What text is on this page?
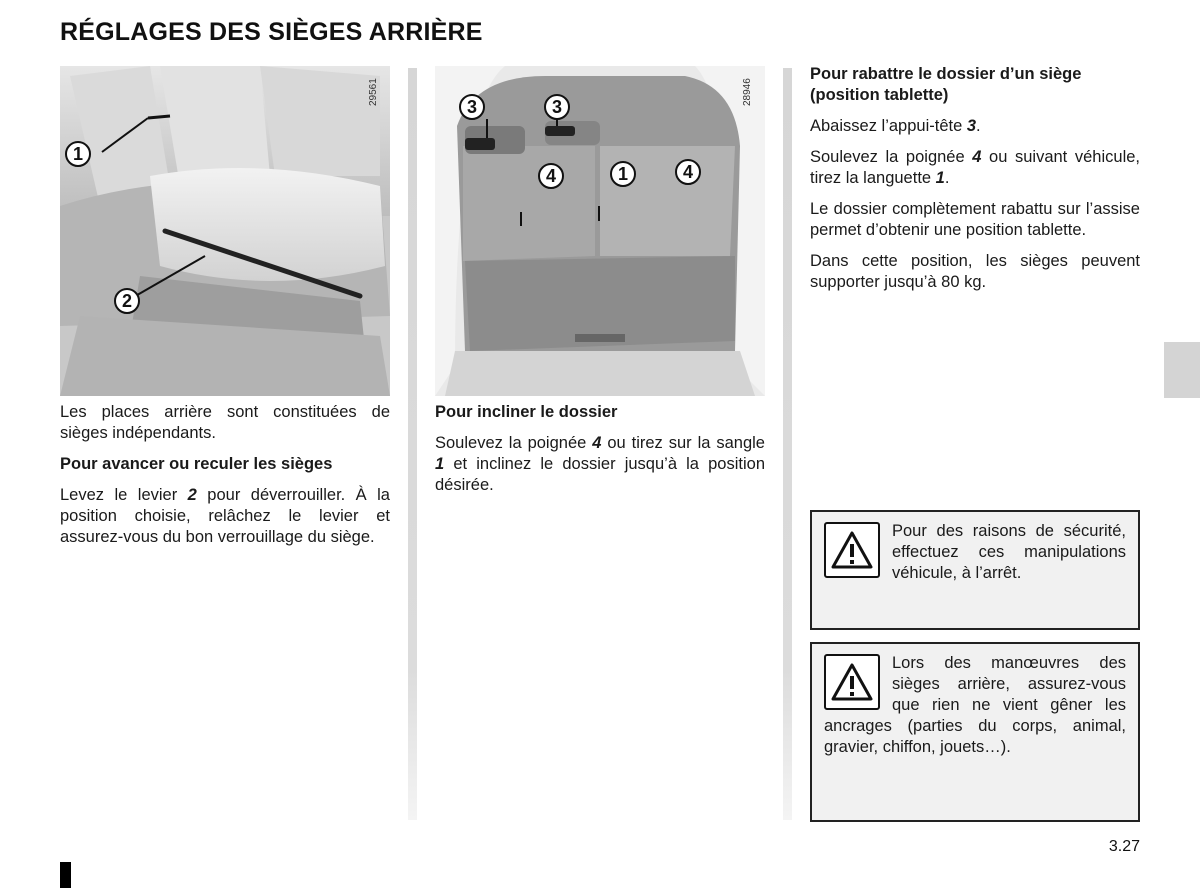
RÉGLAGES DES SIÈGES ARRIÈRE
1
2
29561
3	3
4	1	4
28946

Les places arrière sont constituées de sièges indépendants.

Pour avancer ou reculer les sièges

Levez le levier 2 pour déverrouiller. À la position choisie, relâchez le levier et assurez-vous du bon verrouillage du siège.

Pour incliner le dossier

Soulevez la poignée 4 ou tirez sur la sangle 1 et inclinez le dossier jusqu’à la position désirée.

Pour rabattre le dossier d’un siège (position tablette)

Abaissez l’appui-tête 3.

Soulevez la poignée 4 ou suivant véhicule, tirez la languette 1.

Le dossier complètement rabattu sur l’assise permet d’obtenir une position tablette.

Dans cette position, les sièges peuvent supporter jusqu’à 80 kg.

Pour des raisons de sécurité, effectuez ces manipulations véhicule, à l’arrêt.
Lors des manœuvres des sièges arrière, assurez-vous que rien ne vient gêner les ancrages (parties du corps, animal, gravier, chiffon, jouets…).
3.27
